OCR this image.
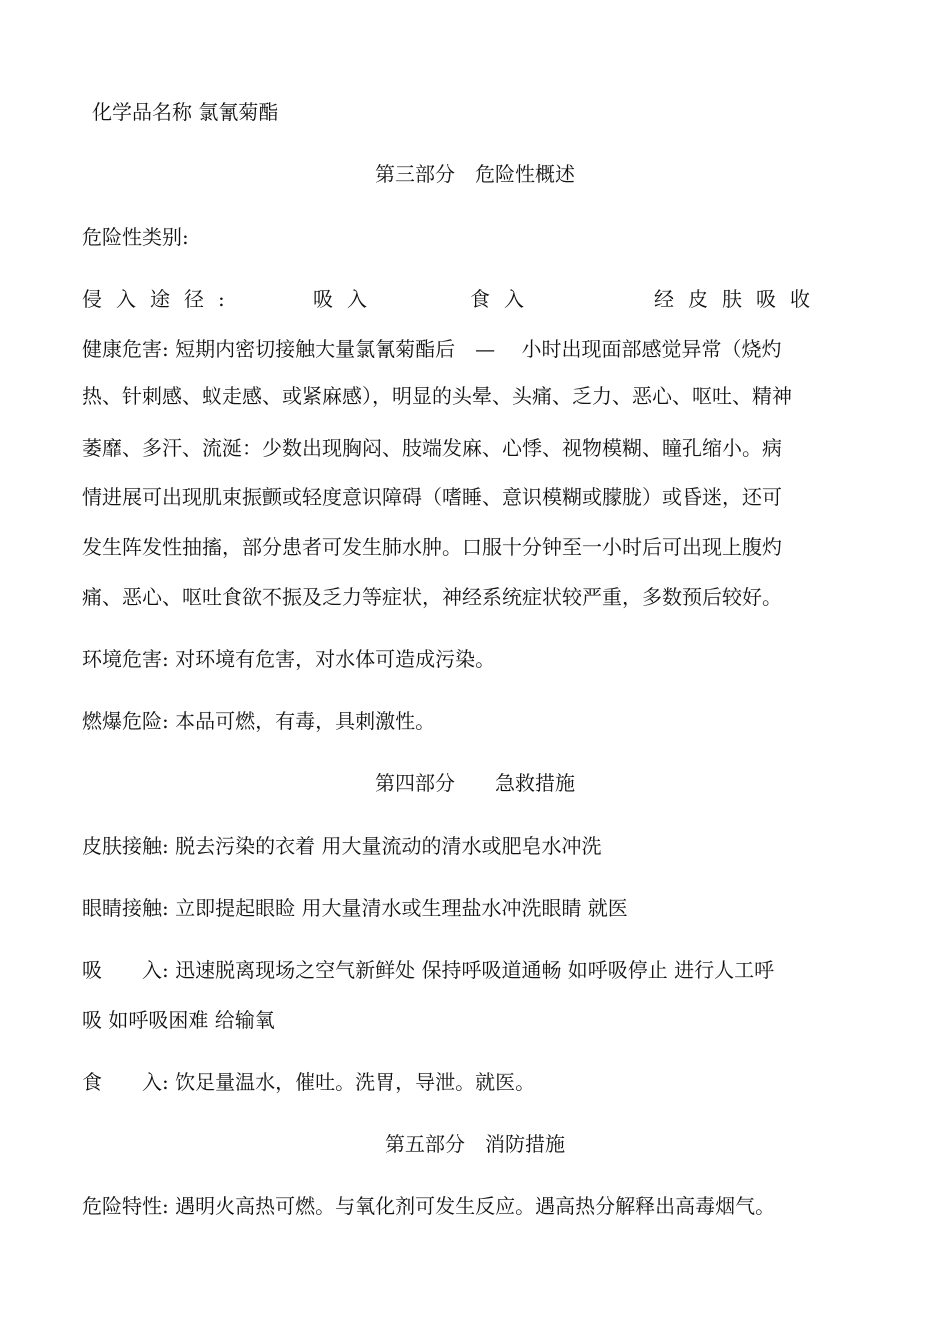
化学品名称 氯氰菊酯

第三部分　危险性概述

危险性类别:

侵入途径:	吸入	食入	经皮肤吸收

健康危害: 短期内密切接触大量氯氰菊酯后　—　 小时出现面部感觉异常（烧灼

热、针刺感、蚁走感、或紧麻感），明显的头晕、头痛、乏力、恶心、呕吐、精神

萎靡、多汗、流涎：少数出现胸闷、肢端发麻、心悸、视物模糊、瞳孔缩小。病

情进展可出现肌束振颤或轻度意识障碍（嗜睡、意识模糊或朦胧）或昏迷，还可

发生阵发性抽搐，部分患者可发生肺水肿。口服十分钟至一小时后可出现上腹灼

痛、恶心、呕吐食欲不振及乏力等症状，神经系统症状较严重，多数预后较好。

环境危害: 对环境有危害，对水体可造成污染。

燃爆危险: 本品可燃，有毒，具刺激性。

第四部分　　急救措施

皮肤接触: 脱去污染的衣着 用大量流动的清水或肥皂水冲洗

眼睛接触: 立即提起眼睑 用大量清水或生理盐水冲洗眼睛 就医

吸　　入: 迅速脱离现场之空气新鲜处 保持呼吸道通畅 如呼吸停止 进行人工呼

吸 如呼吸困难 给输氧

食　　入: 饮足量温水，催吐。洗胃，导泄。就医。

第五部分　消防措施

危险特性: 遇明火高热可燃。与氧化剂可发生反应。遇高热分解释出高毒烟气。
